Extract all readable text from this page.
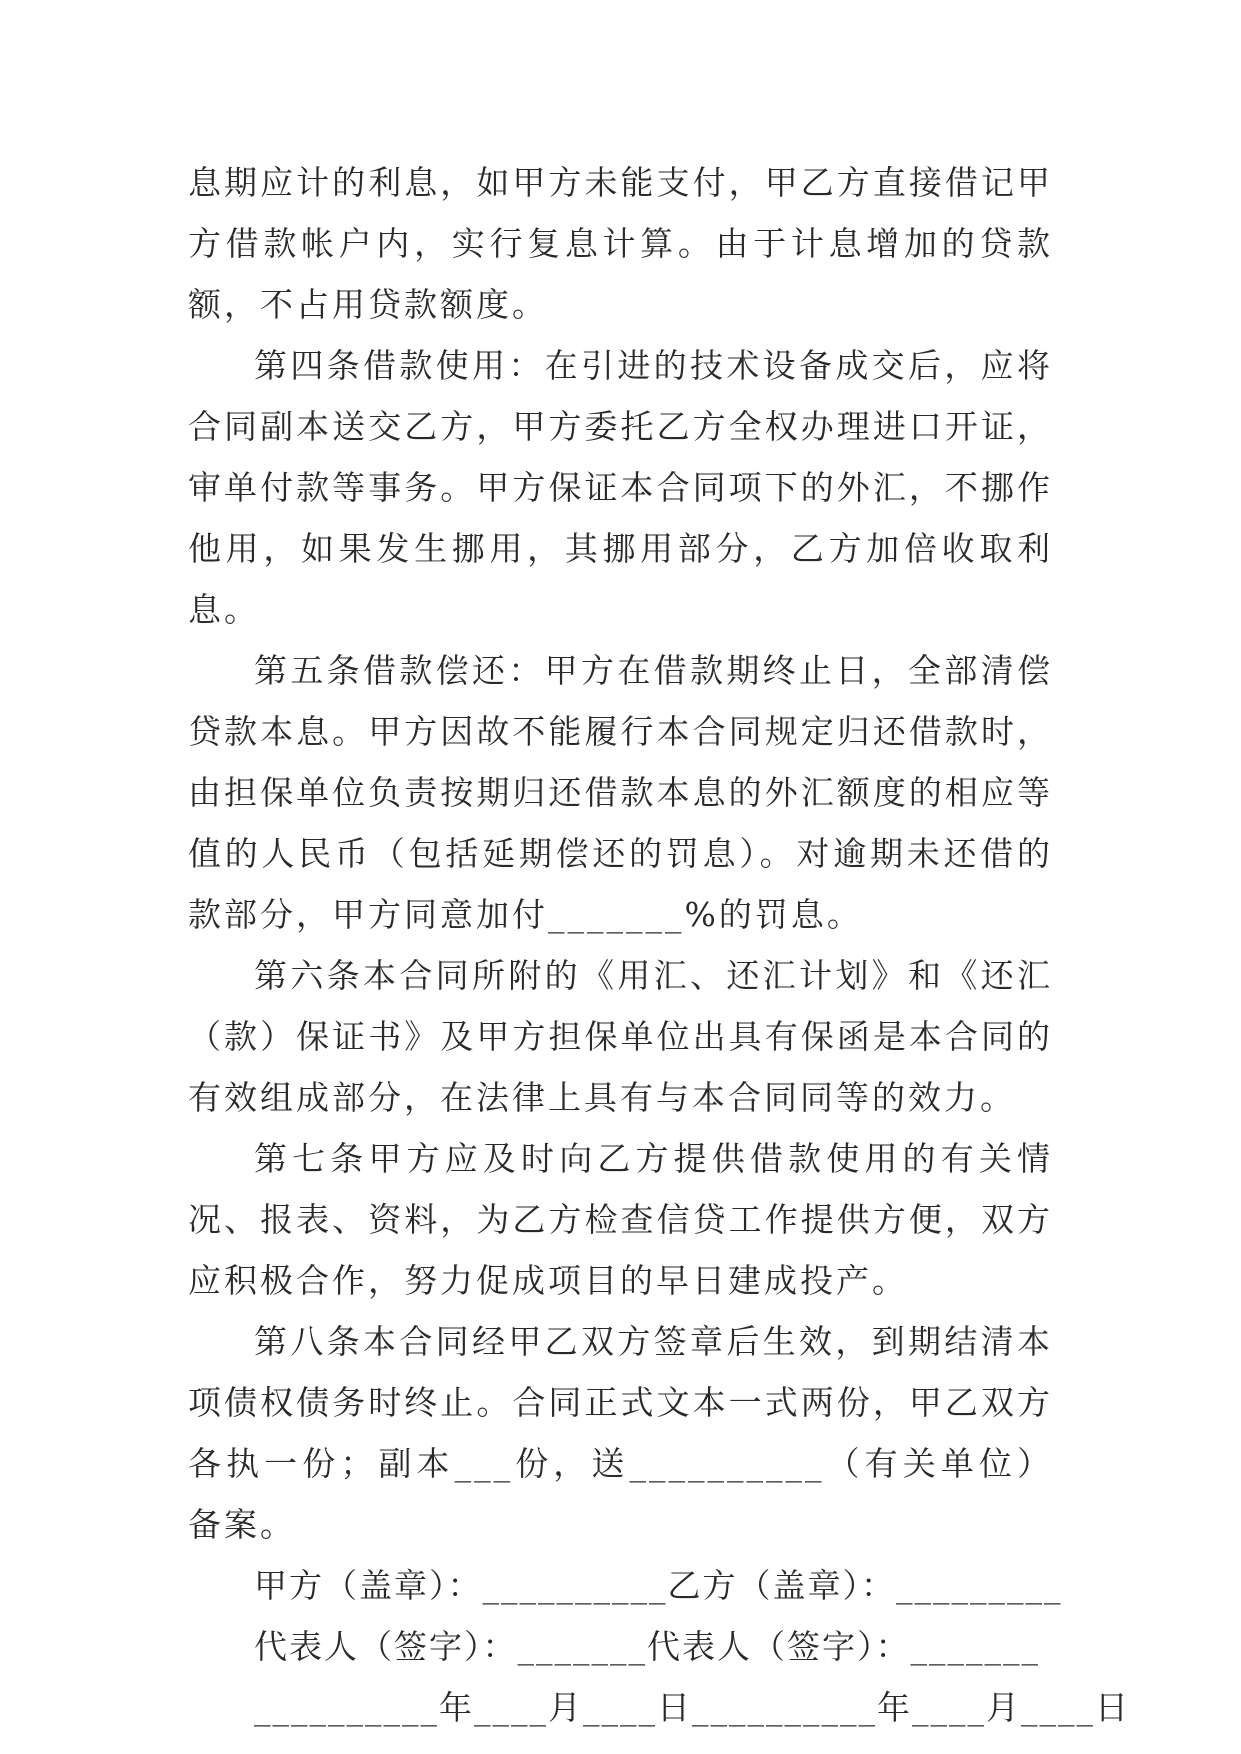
息期应计的利息，如甲方未能支付，甲乙方直接借记甲方借款帐户内，实行复息计算。由于计息增加的贷款额，不占用贷款额度。

第四条借款使用：在引进的技术设备成交后，应将合同副本送交乙方，甲方委托乙方全权办理进口开证，审单付款等事务。甲方保证本合同项下的外汇，不挪作他用，如果发生挪用，其挪用部分，乙方加倍收取利息。

第五条借款偿还：甲方在借款期终止日，全部清偿贷款本息。甲方因故不能履行本合同规定归还借款时，由担保单位负责按期归还借款本息的外汇额度的相应等值的人民币（包括延期偿还的罚息）。对逾期未还借的款部分，甲方同意加付_______%的罚息。

第六条本合同所附的《用汇、还汇计划》和《还汇（款）保证书》及甲方担保单位出具有保函是本合同的有效组成部分，在法律上具有与本合同同等的效力。

第七条甲方应及时向乙方提供借款使用的有关情况、报表、资料，为乙方检查信贷工作提供方便，双方应积极合作，努力促成项目的早日建成投产。

第八条本合同经甲乙双方签章后生效，到期结清本项债权债务时终止。合同正式文本一式两份，甲乙双方各执一份；副本___份，送__________（有关单位）备案。

甲方（盖章）：__________乙方（盖章）：_________
代表人（签字）：_______代表人（签字）：_______
__________年____月____日__________年____月____日
